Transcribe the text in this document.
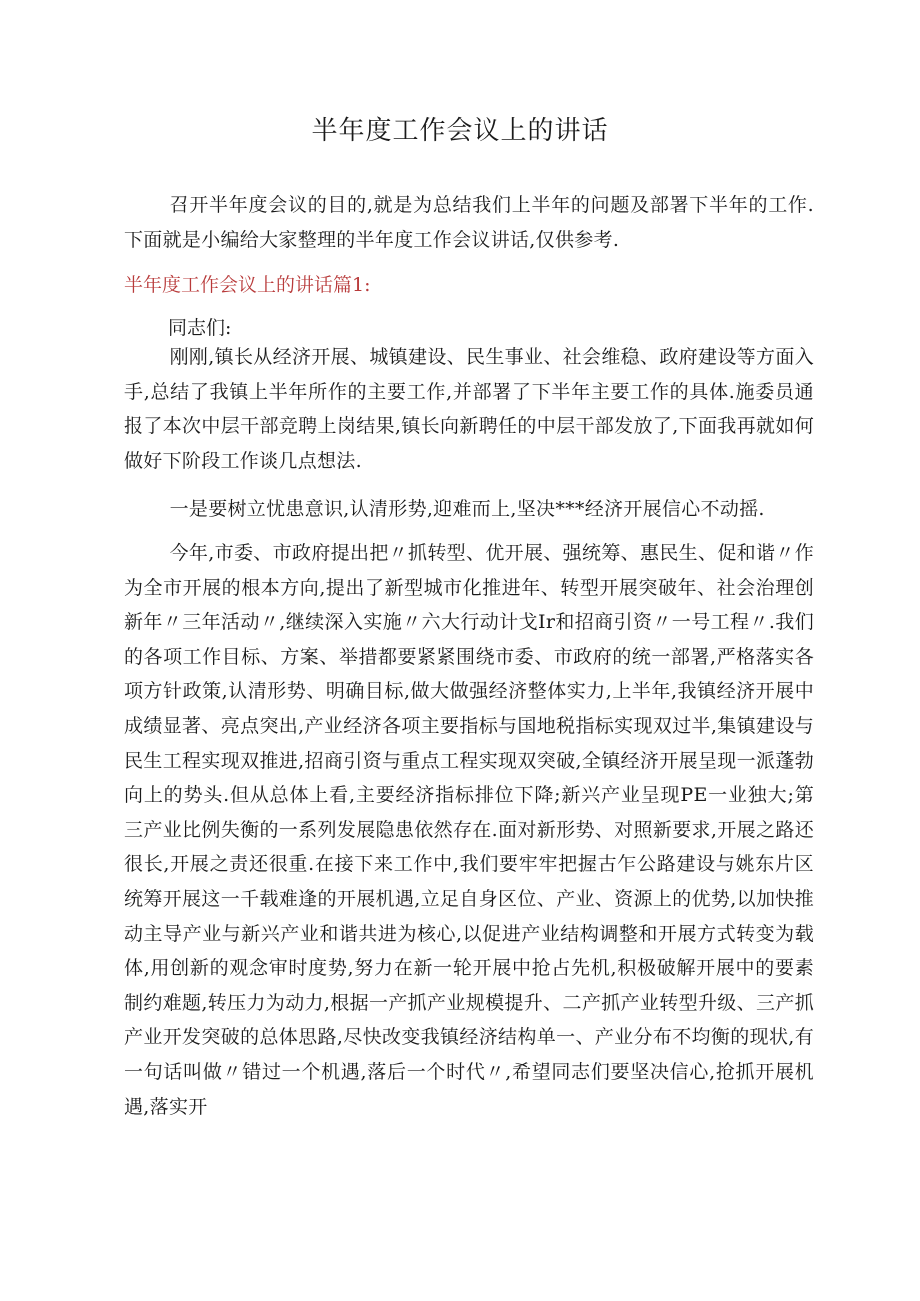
半年度工作会议上的讲话

召开半年度会议的目的,就是为总结我们上半年的问题及部署下半年的工作.下面就是小编给大家整理的半年度工作会议讲话,仅供参考.

半年度工作会议上的讲话篇1:
同志们:

刚刚,镇长从经济开展、城镇建设、民生事业、社会维稳、政府建设等方面入手,总结了我镇上半年所作的主要工作,并部署了下半年主要工作的具体.施委员通报了本次中层干部竞聘上岗结果,镇长向新聘任的中层干部发放了,下面我再就如何做好下阶段工作谈几点想法.

一是要树立忧患意识,认清形势,迎难而上,坚决***经济开展信心不动摇.

今年,市委、市政府提出把〃抓转型、优开展、强统筹、惠民生、促和谐〃作为全市开展的根本方向,提出了新型城市化推进年、转型开展突破年、社会治理创新年〃三年活动〃,继续深入实施〃六大行动计戈Ir和招商引资〃一号工程〃.我们的各项工作目标、方案、举措都要紧紧围绕市委、市政府的统一部署,严格落实各项方针政策,认清形势、明确目标,做大做强经济整体实力,上半年,我镇经济开展中成绩显著、亮点突出,产业经济各项主要指标与国地税指标实现双过半,集镇建设与民生工程实现双推进,招商引资与重点工程实现双突破,全镇经济开展呈现一派蓬勃向上的势头.但从总体上看,主要经济指标排位下降;新兴产业呈现PE一业独大;第三产业比例失衡的一系列发展隐患依然存在.面对新形势、对照新要求,开展之路还很长,开展之责还很重.在接下来工作中,我们要牢牢把握古乍公路建设与姚东片区统筹开展这一千载难逢的开展机遇,立足自身区位、产业、资源上的优势,以加快推动主导产业与新兴产业和谐共进为核心,以促进产业结构调整和开展方式转变为载体,用创新的观念审时度势,努力在新一轮开展中抢占先机,积极破解开展中的要素制约难题,转压力为动力,根据一产抓产业规模提升、二产抓产业转型升级、三产抓产业开发突破的总体思路,尽快改变我镇经济结构单一、产业分布不均衡的现状,有一句话叫做〃错过一个机遇,落后一个时代〃,希望同志们要坚决信心,抢抓开展机遇,落实开
